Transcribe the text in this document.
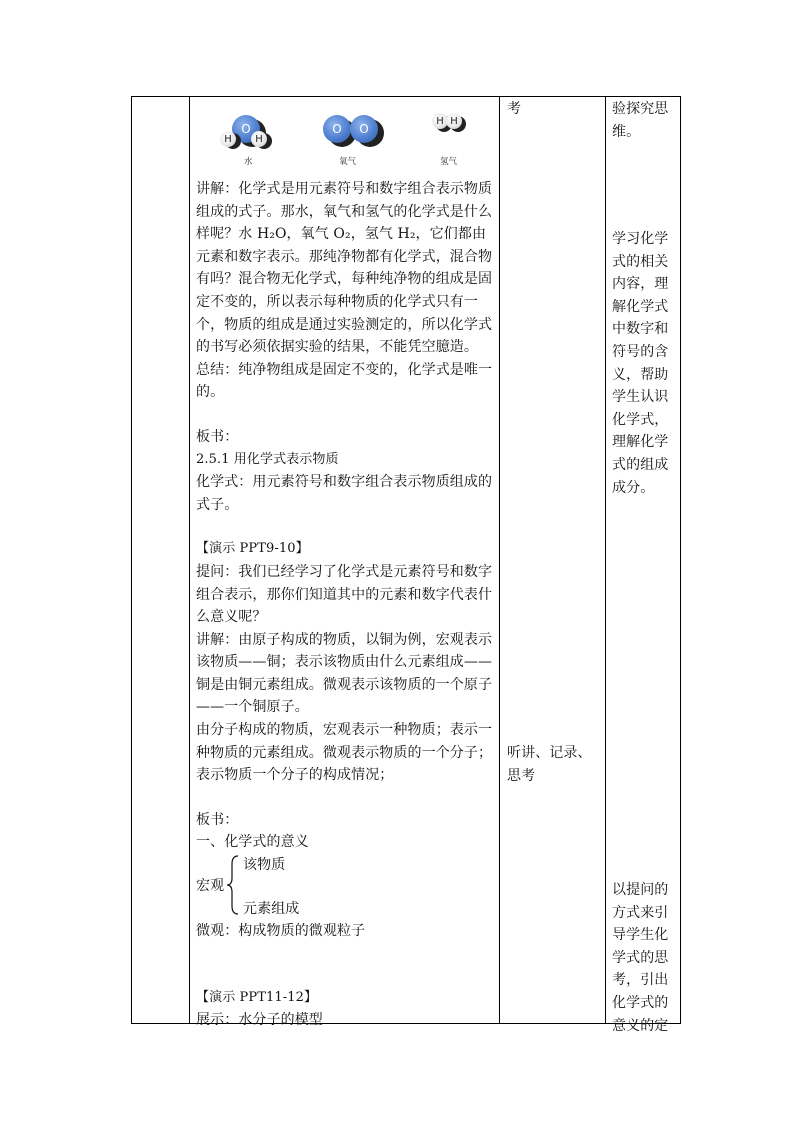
O
H	H
水
O	O
氧气
H H
氢气

讲解：化学式是用元素符号和数字组合表示物质组成的式子。那水，氧气和氢气的化学式是什么样呢？水 H₂O，氧气 O₂，氢气 H₂，它们都由元素和数字表示。那纯净物都有化学式，混合物有吗？混合物无化学式，每种纯净物的组成是固定不变的，所以表示每种物质的化学式只有一个，物质的组成是通过实验测定的，所以化学式的书写必须依据实验的结果，不能凭空臆造。

总结：纯净物组成是固定不变的，化学式是唯一的。

板书：

2.5.1 用化学式表示物质

化学式：用元素符号和数字组合表示物质组成的式子。

【演示 PPT9-10】

提问：我们已经学习了化学式是元素符号和数字组合表示，那你们知道其中的元素和数字代表什么意义呢？

讲解：由原子构成的物质，以铜为例，宏观表示该物质——铜；表示该物质由什么元素组成——铜是由铜元素组成。微观表示该物质的一个原子——一个铜原子。

由分子构成的物质，宏观表示一种物质；表示一种物质的元素组成。微观表示物质的一个分子；表示物质一个分子的构成情况；

板书：

一、化学式的意义

宏观
该物质
元素组成

微观：构成物质的微观粒子

【演示 PPT11-12】

展示：水分子的模型

考

听讲、记录、思考

验探究思维。

学习化学式的相关内容，理解化学式中数字和符号的含义，帮助学生认识化学式，理解化学式的组成成分。

以提问的方式来引导学生化学式的思考，引出化学式的意义的定
